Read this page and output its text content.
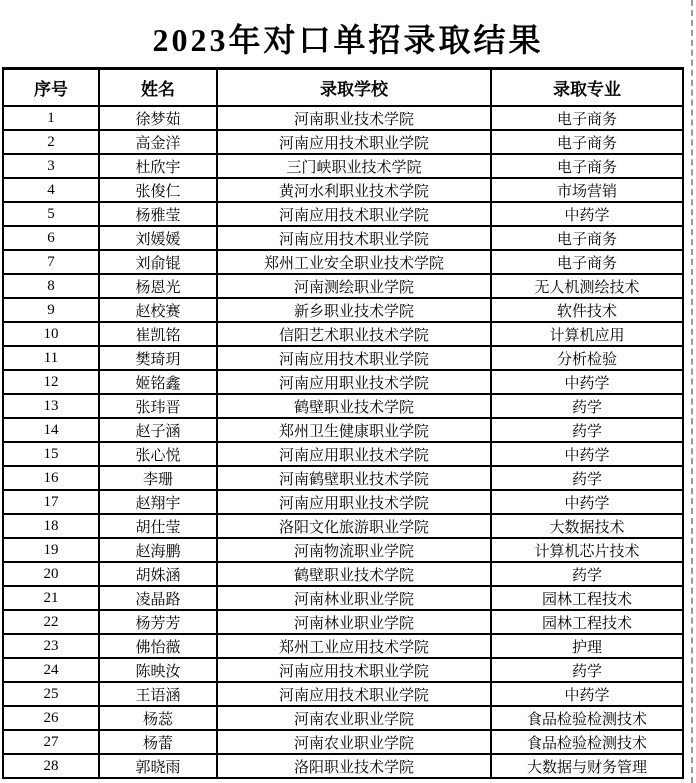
2023年对口单招录取结果
序号	姓名	录取学校	录取专业
1	徐梦茹	河南职业技术学院	电子商务
2	高金洋	河南应用技术职业学院	电子商务
3	杜欣宇	三门峡职业技术学院	电子商务
4	张俊仁	黄河水利职业技术学院	市场营销
5	杨雅莹	河南应用技术职业学院	中药学
6	刘媛媛	河南应用技术职业学院	电子商务
7	刘俞锟	郑州工业安全职业技术学院	电子商务
8	杨恩光	河南测绘职业学院	无人机测绘技术
9	赵校赛	新乡职业技术学院	软件技术
10	崔凯铭	信阳艺术职业技术学院	计算机应用
11	樊琦玥	河南应用技术职业学院	分析检验
12	姬铭鑫	河南应用职业技术学院	中药学
13	张玮晋	鹤壁职业技术学院	药学
14	赵子涵	郑州卫生健康职业学院	药学
15	张心悦	河南应用职业技术学院	中药学
16	李珊	河南鹤壁职业技术学院	药学
17	赵翔宇	河南应用职业技术学院	中药学
18	胡仕莹	洛阳文化旅游职业学院	大数据技术
19	赵海鹏	河南物流职业学院	计算机芯片技术
20	胡姝涵	鹤壁职业技术学院	药学
21	凌晶路	河南林业职业学院	园林工程技术
22	杨芳芳	河南林业职业学院	园林工程技术
23	佛怡薇	郑州工业应用技术学院	护理
24	陈映汝	河南应用技术职业学院	药学
25	王语涵	河南应用技术职业学院	中药学
26	杨蕊	河南农业职业学院	食品检验检测技术
27	杨蕾	河南农业职业学院	食品检验检测技术
28	郭晓雨	洛阳职业技术学院	大数据与财务管理
